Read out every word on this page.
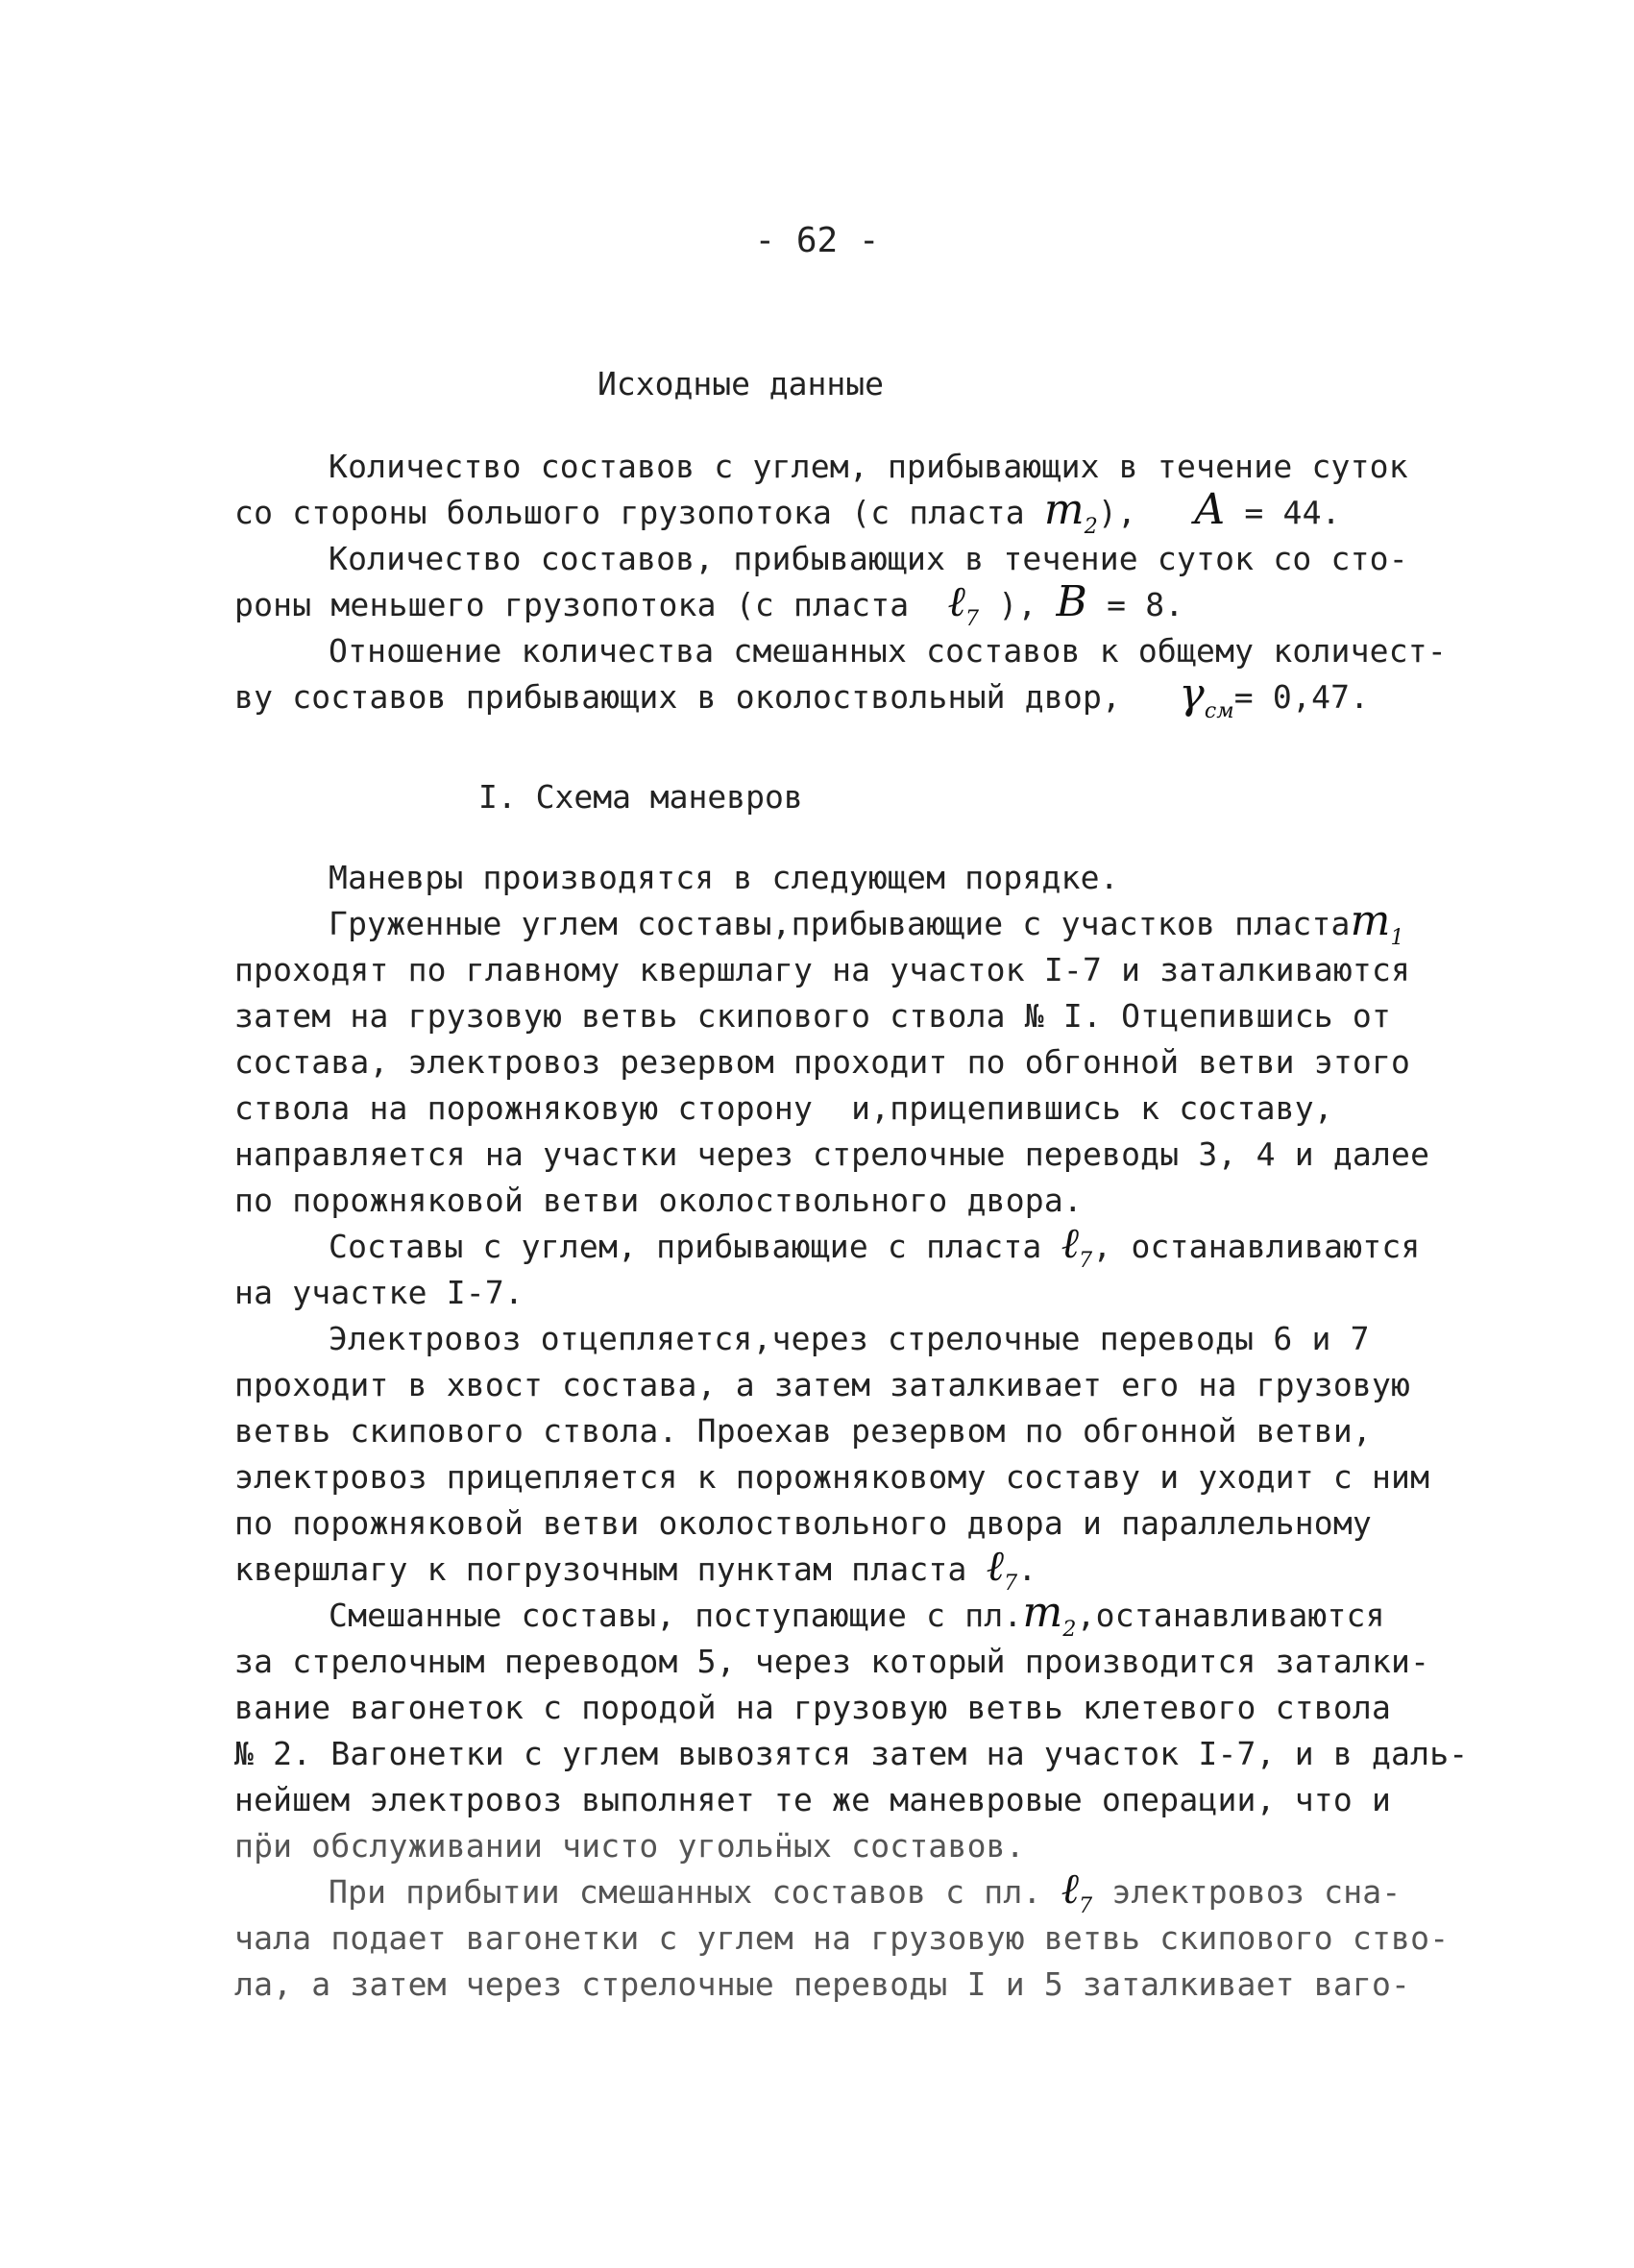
- 62 -
Исходные данные
Количество составов с углем, прибывающих в течение суток
со стороны большого грузопотока (с пласта $m_2$),   A = 44.
Количество составов, прибывающих в течение суток со сто-
роны меньшего грузопотока (с пласта  ℓ$_7$ ), B = 8.
Отношение количества смешанных составов к общему количест-
ву составов прибывающих в околоствольный двор,   $\gamma_{см}= 0,47$.
I. Схема маневров
Маневры производятся в следующем порядке.
Груженные углем составы,прибывающие с участков пластаm$_1$
проходят по главному квершлагу на участок I-7 и заталкиваются
затем на грузовую ветвь скипового ствола № I. Отцепившись от
состава, электровоз резервом проходит по обгонной ветви этого
ствола на порожняковую сторону  и,прицепившись к составу,
направляется на участки через стрелочные переводы 3, 4 и далее
по порожняковой ветви околоствольного двора.
Составы с углем, прибывающие с пласта ℓ$_7$, останавливаются
на участке I-7.
Электровоз отцепляется,через стрелочные переводы 6 и 7
проходит в хвост состава, а затем заталкивает его на грузовую
ветвь скипового ствола. Проехав резервом по обгонной ветви,
электровоз прицепляется к порожняковому составу и уходит с ним
по порожняковой ветви околоствольного двора и параллельному
квершлагу к погрузочным пунктам пласта ℓ$_7$.
Смешанные составы, поступающие с $пл.m_2,останавливаются$
за стрелочным переводом 5, через который производится заталки-
вание вагонеток с породой на грузовую ветвь клетевого ствола
№ 2. Вагонетки с углем вывозятся затем на участок I-7, и в даль-
нейшем электровоз выполняет те же маневровые операции, что и
пр̈и обслуживании чисто угольн̈ых составов.
При прибытии смешанных составов с пл. ℓ$_7$ электровоз сна-
чала подает вагонетки с углем на грузовую ветвь скипового ство-
ла, а затем через стрелочные переводы I и 5 заталкивает ваго-
